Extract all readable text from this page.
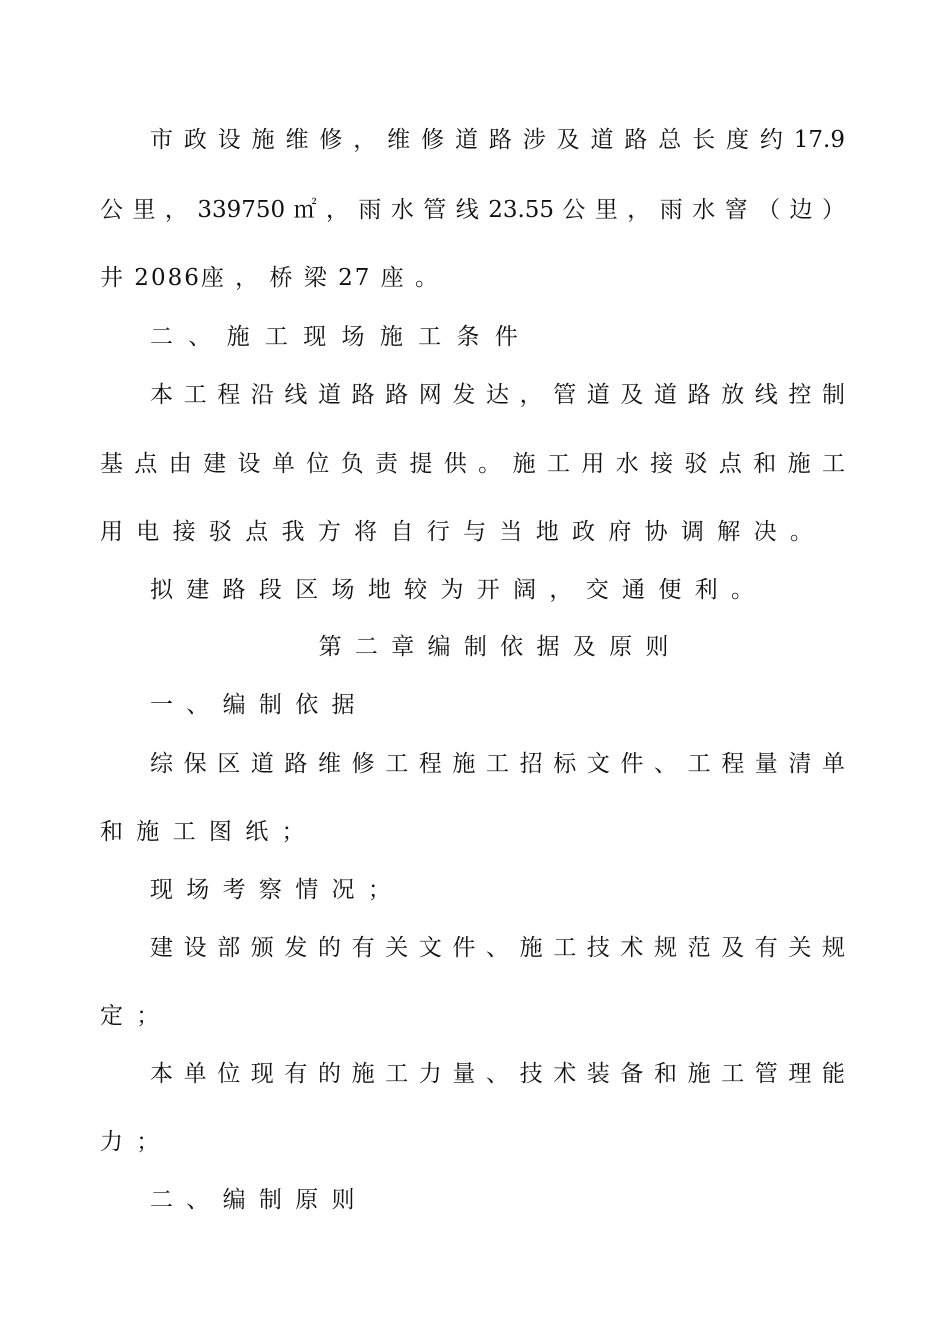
市 政 设 施 维 修 ， 维 修 道 路 涉 及 道 路 总 长 度 约 17.9
公 里 ， 339750 ㎡ ， 雨 水 管 线 23.55 公 里 ， 雨 水 窨 （ 边 ）
井 2086座 ， 桥 梁 27 座 。
二 、 施 工 现 场 施 工 条 件
本 工 程 沿 线 道 路 路 网 发 达 ， 管 道 及 道 路 放 线 控 制
基 点 由 建 设 单 位 负 责 提 供 。 施 工 用 水 接 驳 点 和 施 工
用 电 接 驳 点 我 方 将 自 行 与 当 地 政 府 协 调 解 决 。
拟 建 路 段 区 场 地 较 为 开 阔 ， 交 通 便 利 。
第 二 章 编 制 依 据 及 原 则
一 、 编 制 依 据
综 保 区 道 路 维 修 工 程 施 工 招 标 文 件 、 工 程 量 清 单
和 施 工 图 纸 ；
现 场 考 察 情 况 ；
建 设 部 颁 发 的 有 关 文 件 、 施 工 技 术 规 范 及 有 关 规
定 ；
本 单 位 现 有 的 施 工 力 量 、 技 术 装 备 和 施 工 管 理 能
力 ；
二 、 编 制 原 则
